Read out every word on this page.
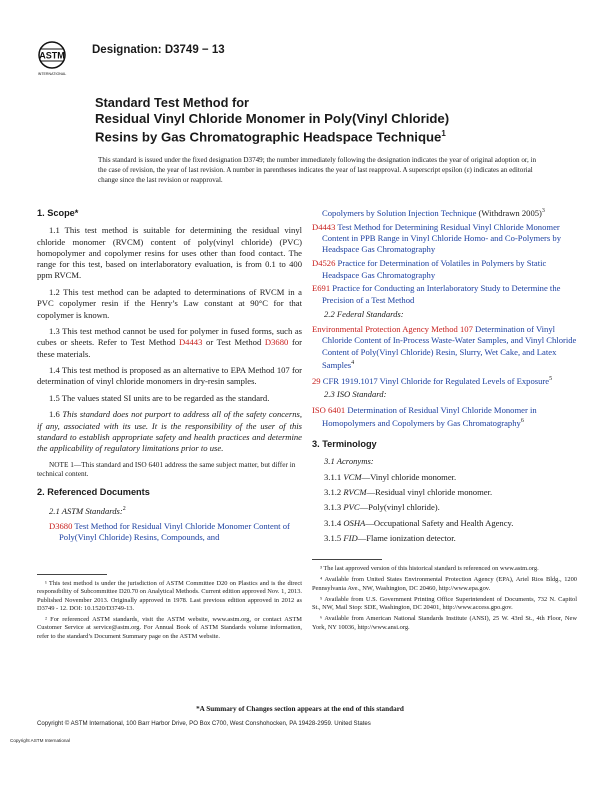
ASTM
INTERNATIONAL
Designation: D3749 − 13
Standard Test Method for
Residual Vinyl Chloride Monomer in Poly(Vinyl Chloride)
Resins by Gas Chromatographic Headspace Technique$^1$
This standard is issued under the fixed designation D3749; the number immediately following the designation indicates the year of original adoption or, in the case of revision, the year of last revision. A number in parentheses indicates the year of last reapproval. A superscript epsilon (ε) indicates an editorial change since the last revision or reapproval.
1. Scope*
1.1 This test method is suitable for determining the residual vinyl chloride monomer (RVCM) content of poly(vinyl chloride) (PVC) homopolymer and copolymer resins for uses other than food contact. The range for this test, based on interlaboratory evaluation, is from 0.1 to 400 ppm RVCM.
1.2 This test method can be adapted to determinations of RVCM in a PVC copolymer resin if the Henry’s Law constant at 90°C for that copolymer is known.
1.3 This test method cannot be used for polymer in fused forms, such as cubes or sheets. Refer to Test Method D4443 or Test Method D3680 for these materials.
1.4 This test method is proposed as an alternative to EPA Method 107 for determination of vinyl chloride monomers in dry-resin samples.
1.5 The values stated SI units are to be regarded as the standard.
1.6 This standard does not purport to address all of the safety concerns, if any, associated with its use. It is the responsibility of the user of this standard to establish appropriate safety and health practices and determine the applicability of regulatory limitations prior to use.
NOTE 1—This standard and ISO 6401 address the same subject matter, but differ in technical content.
2. Referenced Documents
2.1 ASTM Standards:$^2$
D3680 Test Method for Residual Vinyl Chloride Monomer Content of Poly(Vinyl Chloride) Resins, Compounds, and
Copolymers by Solution Injection Technique (Withdrawn 2005)$^3$
D4443 Test Method for Determining Residual Vinyl Chloride Monomer Content in PPB Range in Vinyl Chloride Homo- and Co-Polymers by Headspace Gas Chromatography
D4526 Practice for Determination of Volatiles in Polymers by Static Headspace Gas Chromatography
E691 Practice for Conducting an Interlaboratory Study to Determine the Precision of a Test Method
2.2 Federal Standards:
Environmental Protection Agency Method 107 Determination of Vinyl Chloride Content of In-Process Waste-Water Samples, and Vinyl Chloride Content of Poly(Vinyl Chloride) Resin, Slurry, Wet Cake, and Latex Samples$^4$
29 CFR 1919.1017 Vinyl Chloride for Regulated Levels of Exposure$^5$
2.3 ISO Standard:
ISO 6401 Determination of Residual Vinyl Chloride Monomer in Homopolymers and Copolymers by Gas Chromatography$^6$
3. Terminology
3.1 Acronyms:
3.1.1 VCM—Vinyl chloride monomer.
3.1.2 RVCM—Residual vinyl chloride monomer.
3.1.3 PVC—Poly(vinyl chloride).
3.1.4 OSHA—Occupational Safety and Health Agency.
3.1.5 FID—Flame ionization detector.
¹ This test method is under the jurisdiction of ASTM Committee D20 on Plastics and is the direct responsibility of Subcommittee D20.70 on Analytical Methods. Current edition approved Nov. 1, 2013. Published November 2013. Originally approved in 1978. Last previous edition approved in 2012 as D3749 - 12. DOI: 10.1520/D3749-13.
² For referenced ASTM standards, visit the ASTM website, www.astm.org, or contact ASTM Customer Service at service@astm.org. For Annual Book of ASTM Standards volume information, refer to the standard’s Document Summary page on the ASTM website.
³ The last approved version of this historical standard is referenced on www.astm.org.
⁴ Available from United States Environmental Protection Agency (EPA), Ariel Rios Bldg., 1200 Pennsylvania Ave., NW, Washington, DC 20460, http://www.epa.gov.
⁵ Available from U.S. Government Printing Office Superintendent of Documents, 732 N. Capitol St., NW, Mail Stop: SDE, Washington, DC 20401, http://www.access.gpo.gov.
⁶ Available from American National Standards Institute (ANSI), 25 W. 43rd St., 4th Floor, New York, NY 10036, http://www.ansi.org.
*A Summary of Changes section appears at the end of this standard
Copyright © ASTM International, 100 Barr Harbor Drive, PO Box C700, West Conshohocken, PA 19428-2959. United States
Copyright ASTM International
